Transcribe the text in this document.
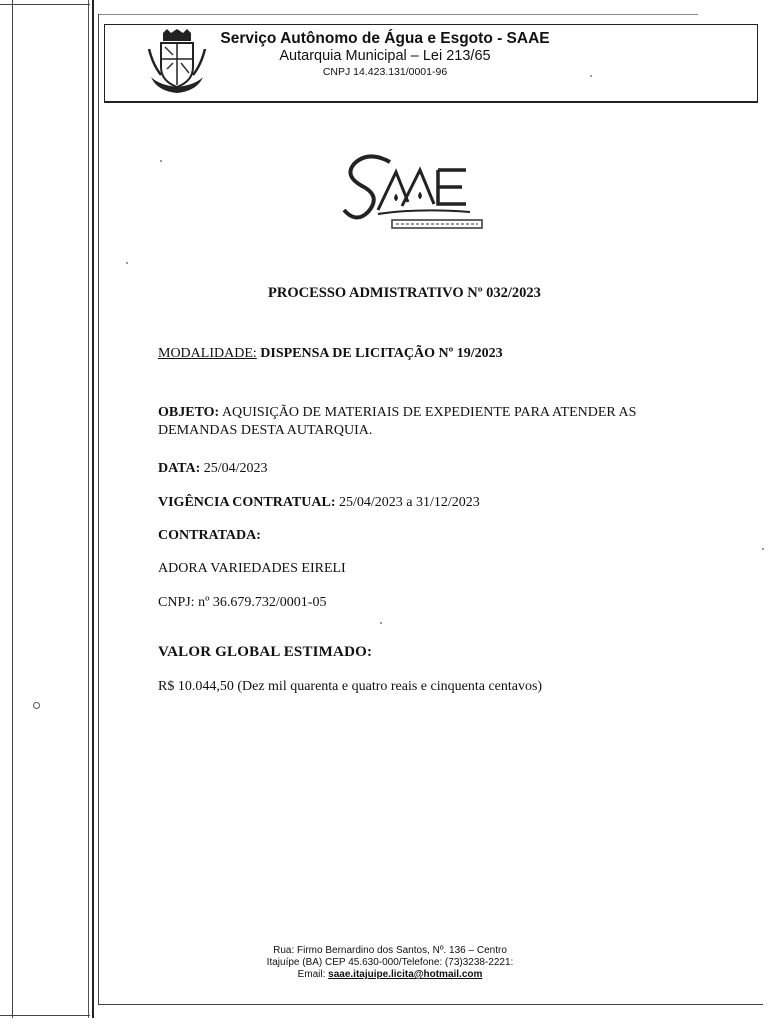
Serviço Autônomo de Água e Esgoto - SAAE
Autarquia Municipal – Lei 213/65
CNPJ 14.423.131/0001-96
PROCESSO ADMISTRATIVO Nº 032/2023
MODALIDADE: DISPENSA DE LICITAÇÃO Nº 19/2023
OBJETO: AQUISIÇÃO DE MATERIAIS DE EXPEDIENTE PARA ATENDER AS DEMANDAS DESTA AUTARQUIA.
DATA: 25/04/2023
VIGÊNCIA CONTRATUAL: 25/04/2023 a 31/12/2023
CONTRATADA:
ADORA VARIEDADES EIRELI
CNPJ: nº 36.679.732/0001-05
VALOR GLOBAL ESTIMADO:
R$ 10.044,50 (Dez mil quarenta e quatro reais e cinquenta centavos)
Rua: Firmo Bernardino dos Santos, Nº. 136 – Centro
Itajuípe (BA) CEP 45.630-000/Telefone: (73)3238-2221:
Email: saae.itajuipe.licita@hotmail.com
